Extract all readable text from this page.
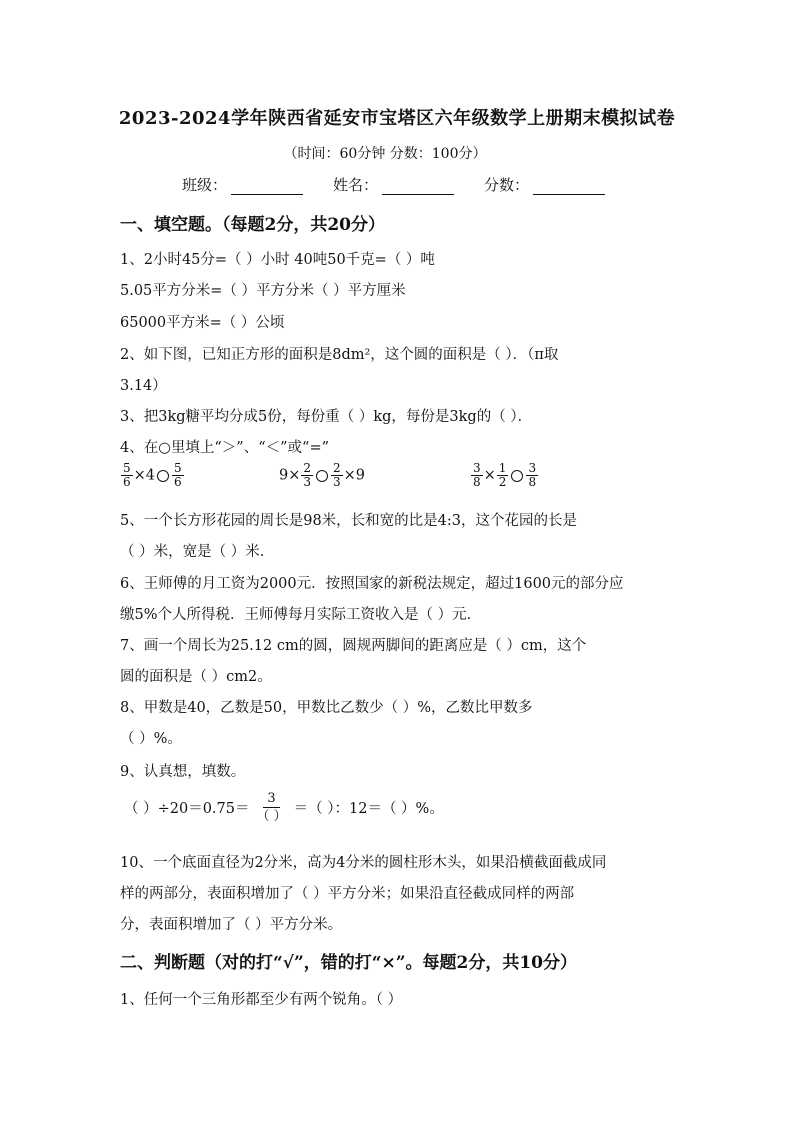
2023-2024学年陕西省延安市宝塔区六年级数学上册期末模拟试卷
（时间：60分钟 分数：100分）
班级：	姓名：	分数：
一、填空题。（每题2分，共20分）
1、2小时45分=（ ）小时 40吨50千克=（ ）吨
5.05平方分米=（ ）平方分米（ ）平方厘米
65000平方米=（ ）公顷
2、如下图，已知正方形的面积是8dm²，这个圆的面积是（ ）．（π取
3.14）
3、把3kg糖平均分成5份，每份重（ ）kg，每份是3kg的（ ）．
4、在○里填上“＞”、“＜”或“=”
$\frac{5}{6} \times 4 \frac{5}{6}$	$9\times \frac{2}{3} \frac{2}{3} \times 9$	$\frac{3}{8} \times \frac{1}{2} \frac{3}{8}$
5、一个长方形花园的周长是98米，长和宽的比是4:3，这个花园的长是
（ ）米，宽是（ ）米.
6、王师傅的月工资为2000元．按照国家的新税法规定，超过1600元的部分应
缴5%个人所得税．王师傅每月实际工资收入是（ ）元.
7、画一个周长为25.12 cm的圆，圆规两脚间的距离应是（ ）cm，这个
圆的面积是（ ）cm2。
8、甲数是40，乙数是50，甲数比乙数少（ ）%，乙数比甲数多
（ ）%。
9、认真想，填数。
（ ）$\div 20=0.75= \frac{3}{( )}$ ＝（ ）：12＝（ ）%。
10、一个底面直径为2分米，高为4分米的圆柱形木头，如果沿横截面截成同
样的两部分，表面积增加了（ ）平方分米；如果沿直径截成同样的两部
分，表面积增加了（ ）平方分米。
二、判断题（对的打“√”，错的打“×”。每题2分，共10分）
1、任何一个三角形都至少有两个锐角。（ ）
